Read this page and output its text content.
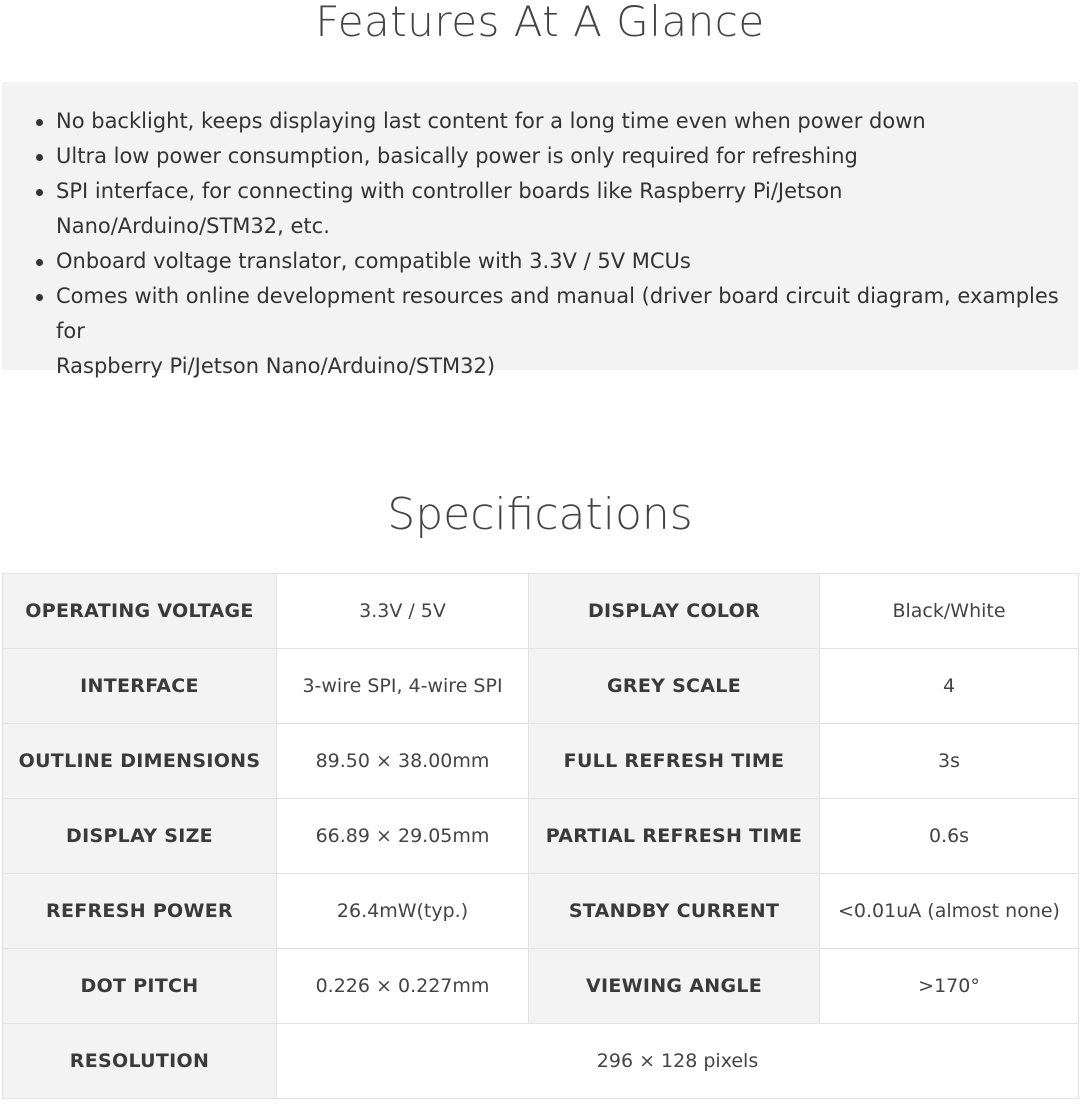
Features At A Glance
No backlight, keeps displaying last content for a long time even when power down
Ultra low power consumption, basically power is only required for refreshing
SPI interface, for connecting with controller boards like Raspberry Pi/Jetson
Nano/Arduino/STM32, etc.
Onboard voltage translator, compatible with 3.3V / 5V MCUs
Comes with online development resources and manual (driver board circuit diagram, examples for
Raspberry Pi/Jetson Nano/Arduino/STM32)
Specifications
OPERATING VOLTAGE	3.3V / 5V	DISPLAY COLOR	Black/White
INTERFACE	3-wire SPI, 4-wire SPI	GREY SCALE	4
OUTLINE DIMENSIONS	89.50 × 38.00mm	FULL REFRESH TIME	3s
DISPLAY SIZE	66.89 × 29.05mm	PARTIAL REFRESH TIME	0.6s
REFRESH POWER	26.4mW(typ.)	STANDBY CURRENT	<0.01uA (almost none)
DOT PITCH	0.226 × 0.227mm	VIEWING ANGLE	>170°
RESOLUTION	296 × 128 pixels		
